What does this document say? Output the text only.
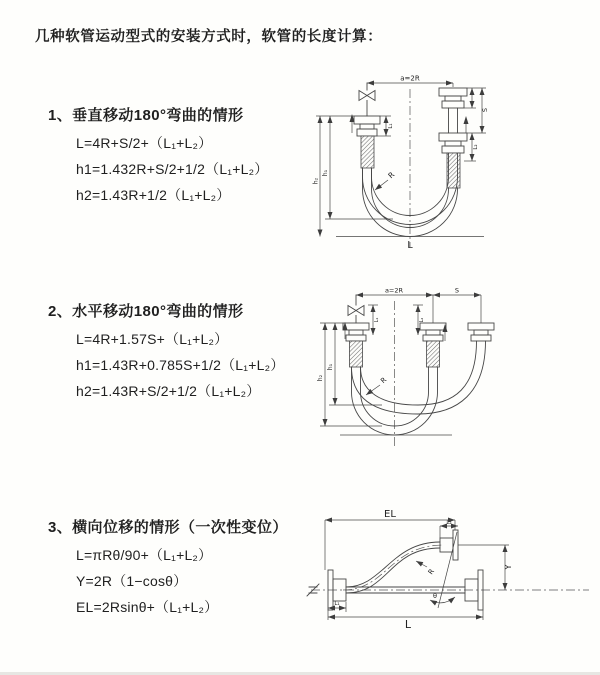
几种软管运动型式的安装方式时，软管的长度计算：
1、垂直移动180°弯曲的情形
L=4R+S/2+（L₁+L₂）
h1=1.432R+S/2+1/2（L₁+L₂）
h2=1.43R+1/2（L₁+L₂）
2、水平移动180°弯曲的情形
L=4R+1.57S+（L₁+L₂）
h1=1.43R+0.785S+1/2（L₁+L₂）
h2=1.43R+S/2+1/2（L₁+L₂）
3、横向位移的情形（一次性变位）
L=πRθ/90+（L₁+L₂）
Y=2R（1−cosθ）
EL=2Rsinθ+（L₁+L₂）
a=2R
h₁
h₂
L₁
S
L₂
R
L
a=2R	S
h₁
h₂
L₁	L₂
R
EL
L₂
Y
L₁
L
R
θ
